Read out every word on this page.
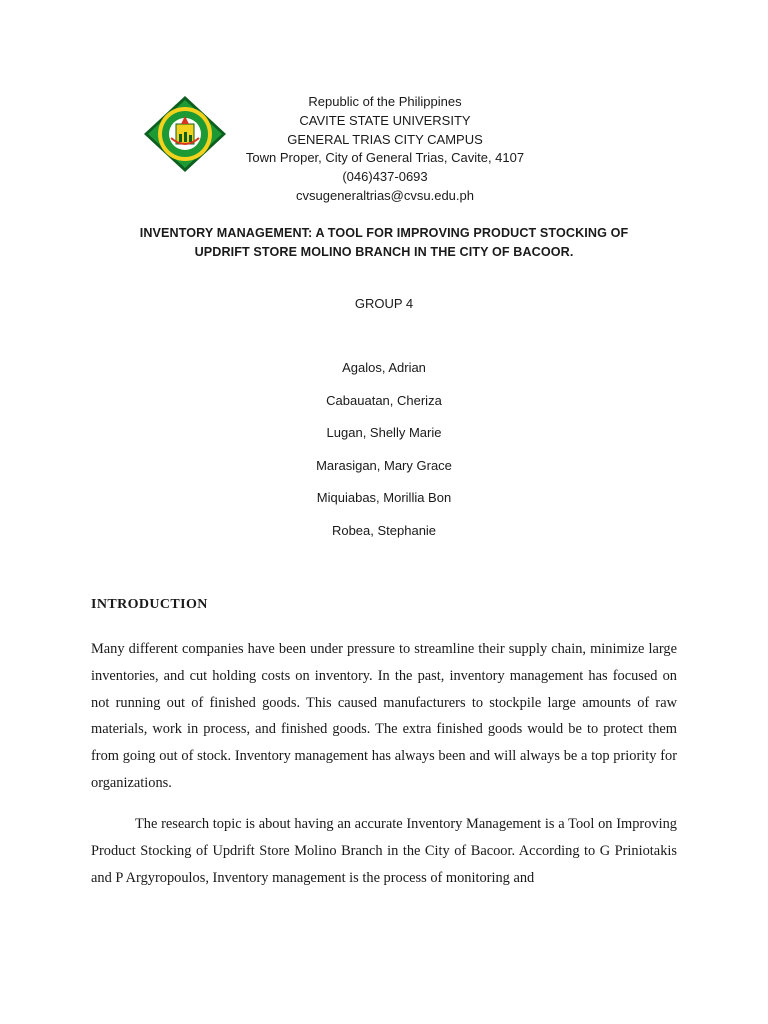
Republic of the Philippines
CAVITE STATE UNIVERSITY
GENERAL TRIAS CITY CAMPUS
Town Proper, City of General Trias, Cavite, 4107
(046)437-0693
cvsugeneraltrias@cvsu.edu.ph
INVENTORY MANAGEMENT: A TOOL FOR IMPROVING PRODUCT STOCKING OF
UPDRIFT STORE MOLINO BRANCH IN THE CITY OF BACOOR.
GROUP 4
Agalos, Adrian
Cabauatan, Cheriza
Lugan, Shelly Marie
Marasigan, Mary Grace
Miquiabas, Morillia Bon
Robea, Stephanie
INTRODUCTION

Many different companies have been under pressure to streamline their supply chain, minimize large inventories, and cut holding costs on inventory. In the past, inventory management has focused on not running out of finished goods. This caused manufacturers to stockpile large amounts of raw materials, work in process, and finished goods. The extra finished goods would be to protect them from going out of stock. Inventory management has always been and will always be a top priority for organizations.

The research topic is about having an accurate Inventory Management is a Tool on Improving Product Stocking of Updrift Store Molino Branch in the City of Bacoor. According to G Priniotakis and P Argyropoulos, Inventory management is the process of monitoring and
